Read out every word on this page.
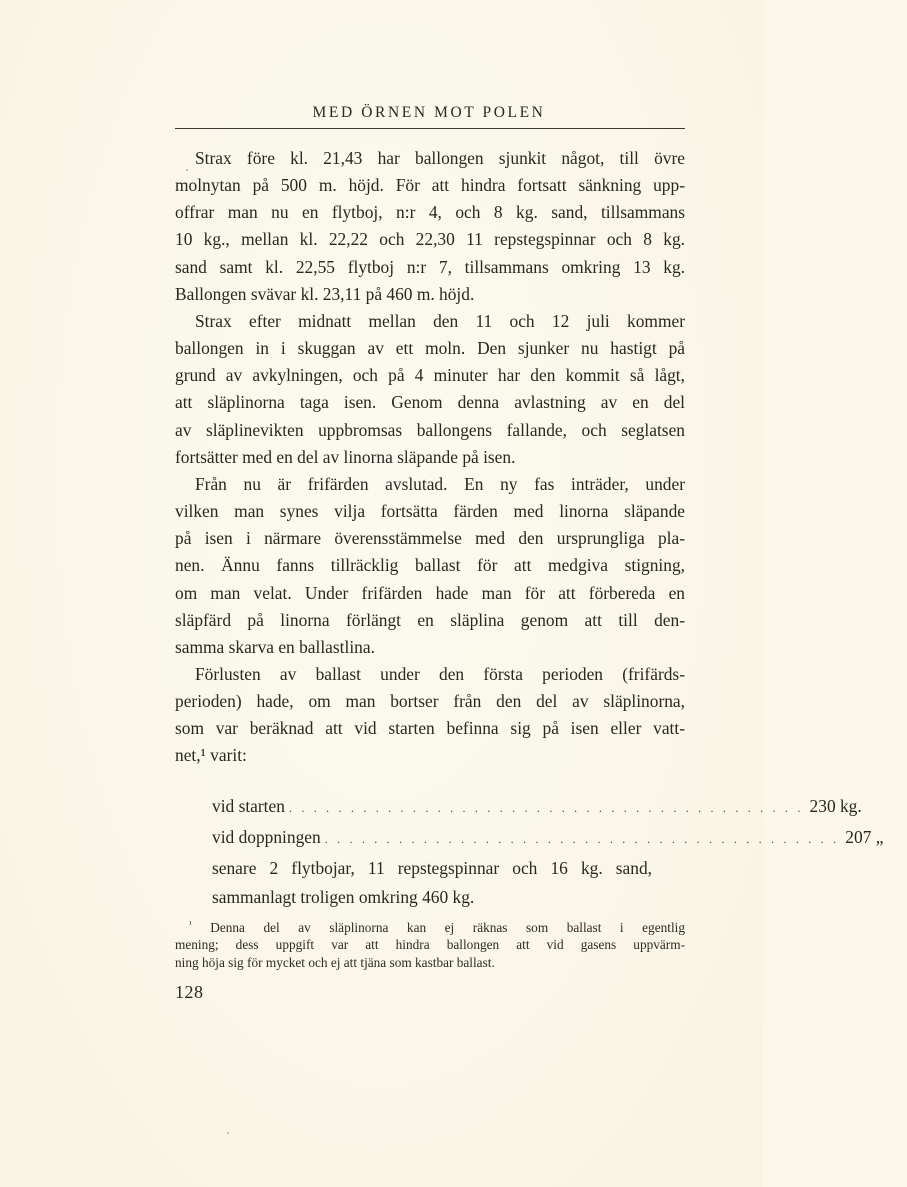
MED ÖRNEN MOT POLEN

Strax före kl. 21,43 har ballongen sjunkit något, till övre
molnytan på 500 m. höjd. För att hindra fortsatt sänkning upp-
offrar man nu en flytboj, n:r 4, och 8 kg. sand, tillsammans
10 kg., mellan kl. 22,22 och 22,30 11 repstegspinnar och 8 kg.
sand samt kl. 22,55 flytboj n:r 7, tillsammans omkring 13 kg.
Ballongen svävar kl. 23,11 på 460 m. höjd.

Strax efter midnatt mellan den 11 och 12 juli kommer
ballongen in i skuggan av ett moln. Den sjunker nu hastigt på
grund av avkylningen, och på 4 minuter har den kommit så lågt,
att släplinorna taga isen. Genom denna avlastning av en del
av släplinevikten uppbromsas ballongens fallande, och seglatsen
fortsätter med en del av linorna släpande på isen.

Från nu är frifärden avslutad. En ny fas inträder, under
vilken man synes vilja fortsätta färden med linorna släpande
på isen i närmare överensstämmelse med den ursprungliga pla-
nen. Ännu fanns tillräcklig ballast för att medgiva stigning,
om man velat. Under frifärden hade man för att förbereda en
släpfärd på linorna förlängt en släplina genom att till den-
samma skarva en ballastlina.

Förlusten av ballast under den första perioden (frifärds-
perioden) hade, om man bortser från den del av släplinorna,
som var beräknad att vid starten befinna sig på isen eller vatt-
net,¹ varit:

vid starten . . . . . . . . . . . . . . . . . . . . . . . . . . . . . . . . . . . . . . . . . . 230 kg.
vid doppningen . . . . . . . . . . . . . . . . . . . . . . . . . . . . . . . . . . . . . . . . . . 207 „
senare 2 flytbojar, 11 repstegspinnar och 16 kg. sand,
sammanlagt troligen omkring 460 kg.
$^{^1}$ Denna del av släplinorna kan ej räknas som ballast i egentlig
mening; dess uppgift var att hindra ballongen att vid gasens uppvärm-
ning höja sig för mycket och ej att tjäna som kastbar ballast.
128
